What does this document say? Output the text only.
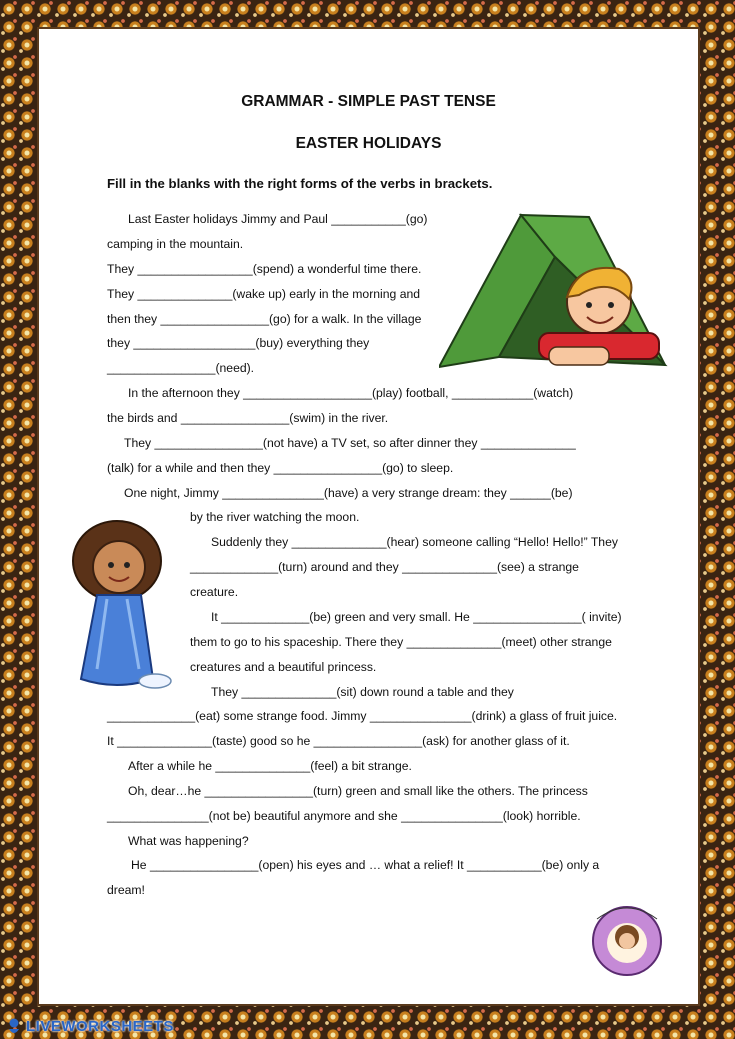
GRAMMAR - SIMPLE PAST TENSE
EASTER HOLIDAYS
Fill in the blanks with the right forms of the verbs in brackets.
Last Easter holidays Jimmy and Paul ___________(go)
camping in the mountain.
They _________________(spend) a wonderful time there.
They ______________(wake up) early in the morning and
then they ________________(go) for a walk. In the village
they __________________(buy) everything they
________________(need).
In the afternoon they ___________________(play) football, ____________(watch)
the birds and ________________(swim) in the river.
They ________________(not have) a TV set, so after dinner they ______________
(talk) for a while and then they ________________(go) to sleep.
One night, Jimmy _______________(have) a very strange dream: they ______(be)
by the river watching the moon.
Suddenly they ______________(hear) someone calling “Hello! Hello!” They
_____________(turn) around and they ______________(see) a strange
creature.
It _____________(be) green and very small. He ________________( invite)
them to go to his spaceship. There they ______________(meet) other strange
creatures and a beautiful princess.
They ______________(sit) down round a table and they
_____________(eat) some strange food. Jimmy _______________(drink) a glass of fruit juice.
It ______________(taste) good so he ________________(ask) for another glass of it.
After a while he ______________(feel) a bit strange.
Oh, dear…he ________________(turn) green and small like the others. The princess
_______________(not be) beautiful anymore and she _______________(look) horrible.
What was happening?
He ________________(open) his eyes and … what a relief! It ___________(be) only a
dream!
LIVEWORKSHEETS
